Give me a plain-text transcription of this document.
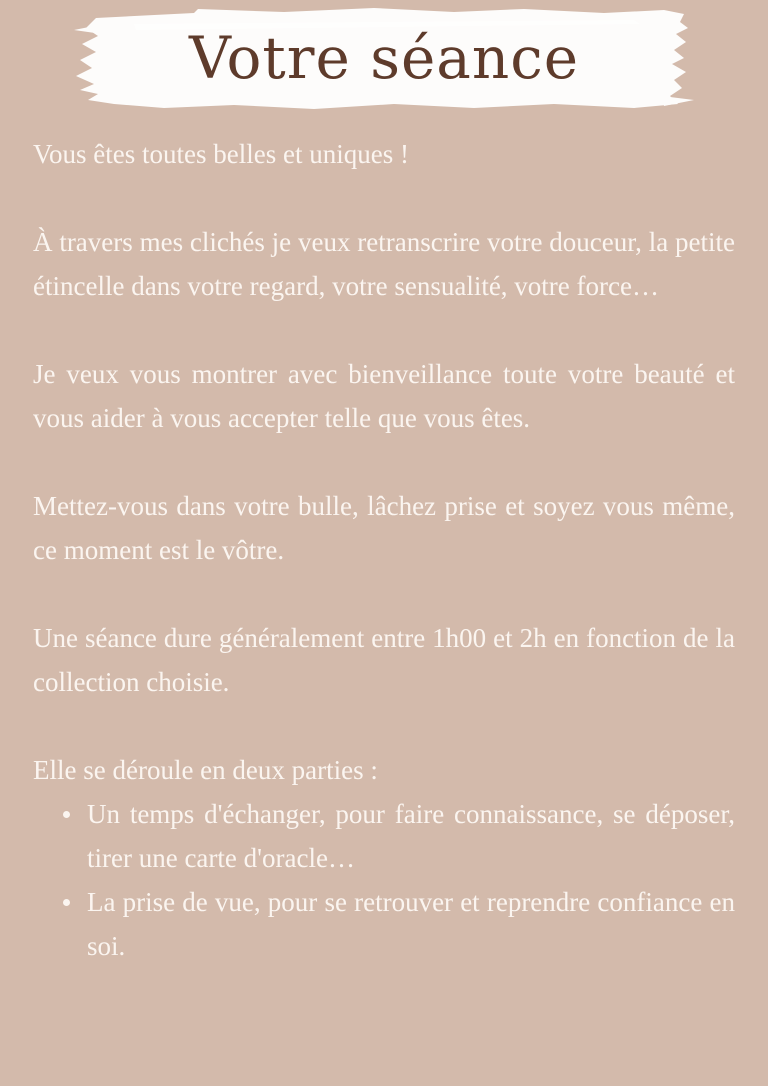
Votre séance

Vous êtes toutes belles et uniques !

À travers mes clichés je veux retranscrire votre douceur, la petite étincelle dans votre regard, votre sensualité, votre force…

Je veux vous montrer avec bienveillance toute votre beauté et vous aider à vous accepter telle que vous êtes.

Mettez-vous dans votre bulle, lâchez prise et soyez vous même, ce moment est le vôtre.

Une séance dure généralement entre 1h00 et 2h en fonction de la collection choisie.

Elle se déroule en deux parties :

Un temps d'échanger, pour faire connaissance, se déposer, tirer une carte d'oracle…
La prise de vue, pour se retrouver et reprendre confiance en soi.
